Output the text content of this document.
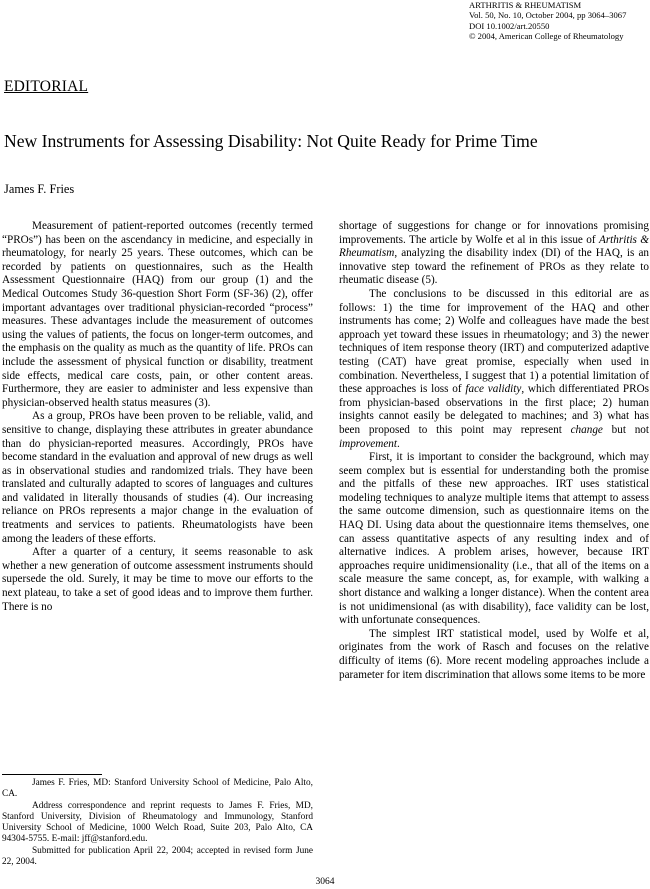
ARTHRITIS & RHEUMATISM
Vol. 50, No. 10, October 2004, pp 3064–3067
DOI 10.1002/art.20550
© 2004, American College of Rheumatology
EDITORIAL
New Instruments for Assessing Disability: Not Quite Ready for Prime Time
James F. Fries

Measurement of patient-reported outcomes (recently termed “PROs”) has been on the ascendancy in medicine, and especially in rheumatology, for nearly 25 years. These outcomes, which can be recorded by patients on questionnaires, such as the Health Assessment Questionnaire (HAQ) from our group (1) and the Medical Outcomes Study 36-question Short Form (SF-36) (2), offer important advantages over traditional physician-recorded “process” measures. These advantages include the measurement of outcomes using the values of patients, the focus on longer-term outcomes, and the emphasis on the quality as much as the quantity of life. PROs can include the assessment of physical function or disability, treatment side effects, medical care costs, pain, or other content areas. Furthermore, they are easier to administer and less expensive than physician-observed health status measures (3).

As a group, PROs have been proven to be reliable, valid, and sensitive to change, displaying these attributes in greater abundance than do physician-reported measures. Accordingly, PROs have become standard in the evaluation and approval of new drugs as well as in observational studies and randomized trials. They have been translated and culturally adapted to scores of languages and cultures and validated in literally thousands of studies (4). Our increasing reliance on PROs represents a major change in the evaluation of treatments and services to patients. Rheumatologists have been among the leaders of these efforts.

After a quarter of a century, it seems reasonable to ask whether a new generation of outcome assessment instruments should supersede the old. Surely, it may be time to move our efforts to the next plateau, to take a set of good ideas and to improve them further. There is no

shortage of suggestions for change or for innovations promising improvements. The article by Wolfe et al in this issue of Arthritis & Rheumatism, analyzing the disability index (DI) of the HAQ, is an innovative step toward the refinement of PROs as they relate to rheumatic disease (5).

The conclusions to be discussed in this editorial are as follows: 1) the time for improvement of the HAQ and other instruments has come; 2) Wolfe and colleagues have made the best approach yet toward these issues in rheumatology; and 3) the newer techniques of item response theory (IRT) and computerized adaptive testing (CAT) have great promise, especially when used in combination. Nevertheless, I suggest that 1) a potential limitation of these approaches is loss of face validity, which differentiated PROs from physician-based observations in the first place; 2) human insights cannot easily be delegated to machines; and 3) what has been proposed to this point may represent change but not improvement.

First, it is important to consider the background, which may seem complex but is essential for understanding both the promise and the pitfalls of these new approaches. IRT uses statistical modeling techniques to analyze multiple items that attempt to assess the same outcome dimension, such as questionnaire items on the HAQ DI. Using data about the questionnaire items themselves, one can assess quantitative aspects of any resulting index and of alternative indices. A problem arises, however, because IRT approaches require unidimensionality (i.e., that all of the items on a scale measure the same concept, as, for example, with walking a short distance and walking a longer distance). When the content area is not unidimensional (as with disability), face validity can be lost, with unfortunate consequences.

The simplest IRT statistical model, used by Wolfe et al, originates from the work of Rasch and focuses on the relative difficulty of items (6). More recent modeling approaches include a parameter for item discrimination that allows some items to be more

James F. Fries, MD: Stanford University School of Medicine, Palo Alto, CA.

Address correspondence and reprint requests to James F. Fries, MD, Stanford University, Division of Rheumatology and Immunology, Stanford University School of Medicine, 1000 Welch Road, Suite 203, Palo Alto, CA 94304-5755. E-mail: jff@stanford.edu.

Submitted for publication April 22, 2004; accepted in revised form June 22, 2004.

3064
